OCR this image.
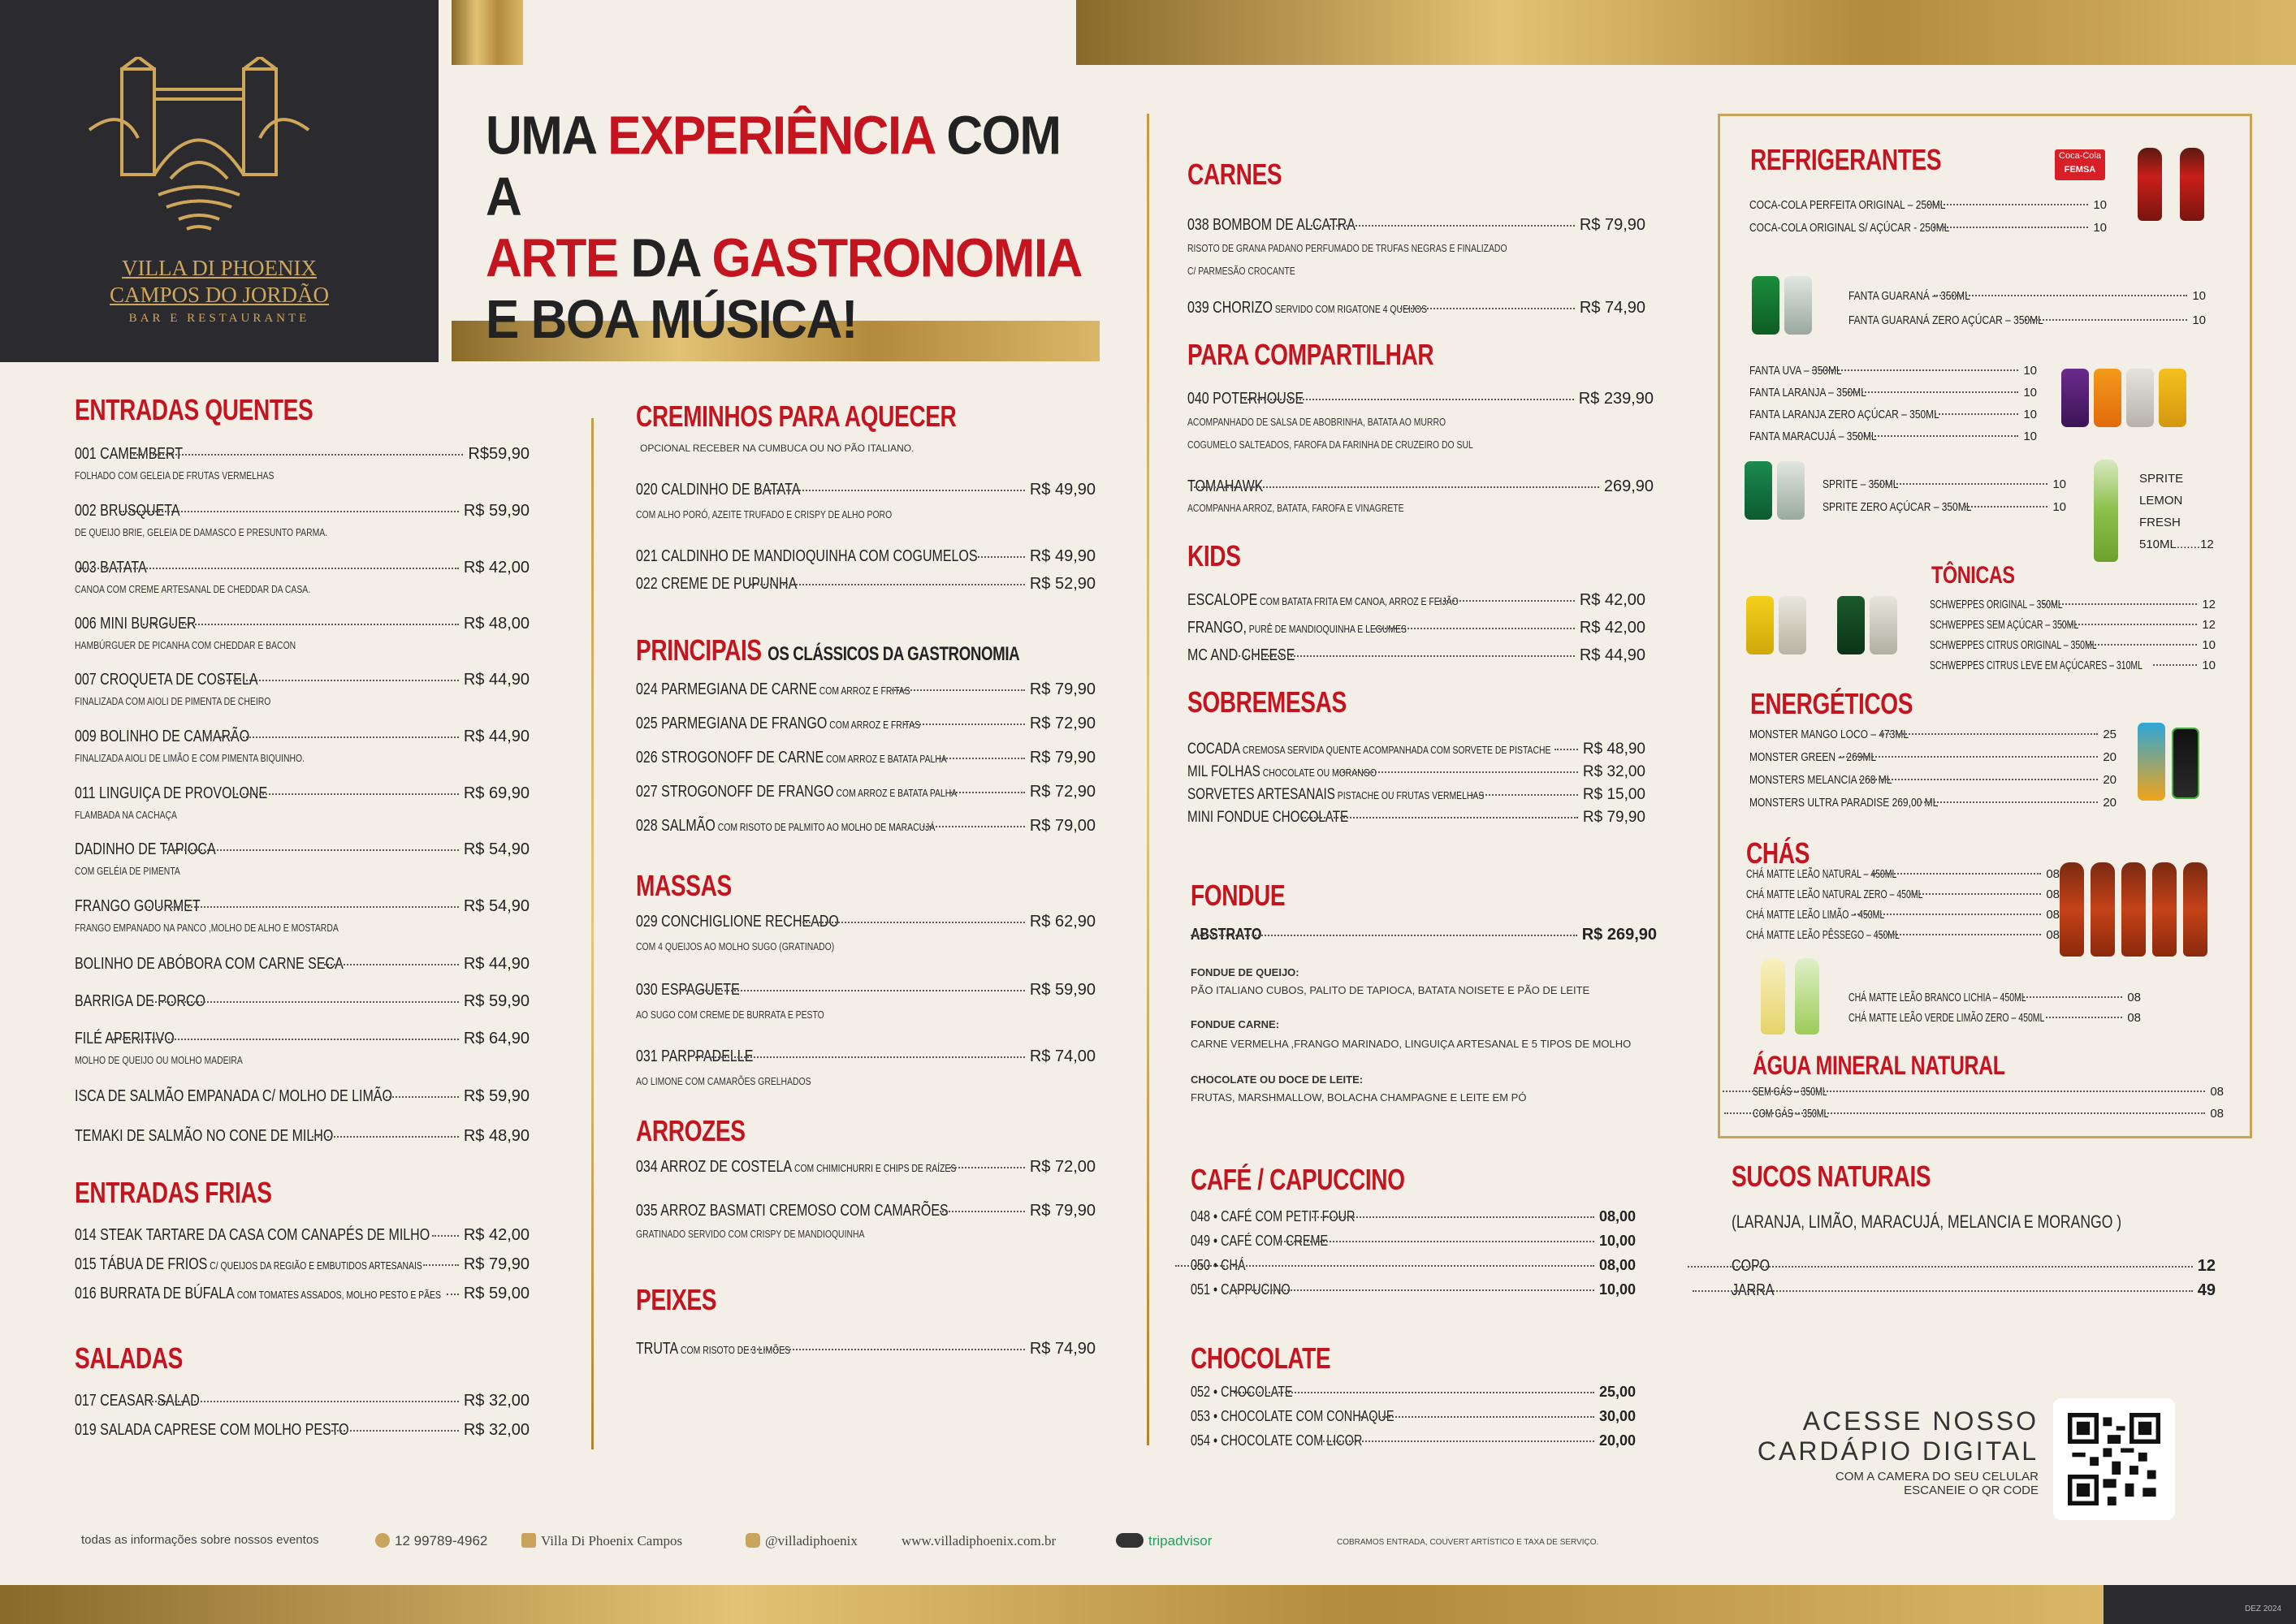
VILLA DI PHOENIX
CAMPOS DO JORDÃO
BAR E RESTAURANTE
UMA EXPERIÊNCIA COM A
ARTE DA GASTRONOMIA
E BOA MÚSICA!
ENTRADAS QUENTES
ENTRADAS FRIAS
SALADAS
CREMINHOS PARA AQUECER
OPCIONAL RECEBER NA CUMBUCA OU NO PÃO ITALIANO.
PRINCIPAIS OS CLÁSSICOS DA GASTRONOMIA
MASSAS
ARROZES
PEIXES
CARNES
PARA COMPARTILHAR
KIDS
SOBREMESAS
FONDUE
CAFÉ / CAPUCCINO
CHOCOLATE
FONDUE DE QUEIJO:
PÃO ITALIANO CUBOS, PALITO DE TAPIOCA, BATATA NOISETE E PÃO DE LEITE
FONDUE CARNE:
CARNE VERMELHA ,FRANGO MARINADO, LINGUIÇA ARTESANAL E 5 TIPOS DE MOLHO
CHOCOLATE OU DOCE DE LEITE:
FRUTAS, MARSHMALLOW, BOLACHA CHAMPAGNE E LEITE EM PÓ
REFRIGERANTES	Coca-Cola
FEMSA
SPRITE
LEMON
FRESH
510ML.......12
TÔNICAS
ENERGÉTICOS
CHÁS
ÁGUA MINERAL NATURAL
SUCOS NATURAIS
(LARANJA, LIMÃO, MARACUJÁ, MELANCIA E MORANGO )
ACESSE NOSSO
CARDÁPIO DIGITAL
COM A CAMERA DO SEU CELULAR
ESCANEIE O QR CODE
todas as informações sobre nossos eventos	12 99789-4962	Villa Di Phoenix Campos	@villadiphoenix	www.villadiphoenix.com.br	tripadvisor	COBRAMOS ENTRADA, COUVERT ARTÍSTICO E TAXA DE SERVIÇO.
DEZ 2024
001 CAMEMBERT	R$59,90
FOLHADO COM GELEIA DE FRUTAS VERMELHAS
002 BRUSQUETA	R$ 59,90
DE QUEIJO BRIE, GELEIA DE DAMASCO E PRESUNTO PARMA.
003 BATATA	R$ 42,00
CANOA COM CREME ARTESANAL DE CHEDDAR DA CASA.
006 MINI BURGUER	R$ 48,00
HAMBÚRGUER DE PICANHA COM CHEDDAR E BACON
007 CROQUETA DE COSTELA	R$ 44,90
FINALIZADA COM AIOLI DE PIMENTA DE CHEIRO
009 BOLINHO DE CAMARÃO	R$ 44,90
FINALIZADA AIOLI DE LIMÃO E COM PIMENTA BIQUINHO.
011 LINGUIÇA DE PROVOLONE	R$ 69,90
FLAMBADA NA CACHAÇA
DADINHO DE TAPIOCA	R$ 54,90
COM GELÉIA DE PIMENTA
FRANGO GOURMET	R$ 54,90
FRANGO EMPANADO NA PANCO ,MOLHO DE ALHO E MOSTARDA
BOLINHO DE ABÓBORA COM CARNE SECA	R$ 44,90
BARRIGA DE PORCO	R$ 59,90
FILÉ APERITIVO	R$ 64,90
MOLHO DE QUEIJO OU MOLHO MADEIRA
ISCA DE SALMÃO EMPANADA C/ MOLHO DE LIMÃO	R$ 59,90
TEMAKI DE SALMÃO NO CONE DE MILHO	R$ 48,90
014 STEAK TARTARE DA CASA COM CANAPÉS DE MILHO R$ 42,00
015 TÁBUA DE FRIOS C/ QUEIJOS DA REGIÃO E EMBUTIDOS ARTESANAIS	R$ 79,90
016 BURRATA DE BÚFALA COM TOMATES ASSADOS, MOLHO PESTO E PÃES R$ 59,00
017 CEASAR SALAD	R$ 32,00
019 SALADA CAPRESE COM MOLHO PESTO	R$ 32,00
020 CALDINHO DE BATATA	R$ 49,90
COM ALHO PORÓ, AZEITE TRUFADO E CRISPY DE ALHO PORO
021 CALDINHO DE MANDIOQUINHA COM COGUMELOS	R$ 49,90
022 CREME DE PUPUNHA	R$ 52,90
024 PARMEGIANA DE CARNE COM ARROZ E FRITAS	R$ 79,90
025 PARMEGIANA DE FRANGO COM ARROZ E FRITAS	R$ 72,90
026 STROGONOFF DE CARNE COM ARROZ E BATATA PALHA	R$ 79,90
027 STROGONOFF DE FRANGO COM ARROZ E BATATA PALHA	R$ 72,90
028 SALMÃO COM RISOTO DE PALMITO AO MOLHO DE MARACUJÁ	R$ 79,00
029 CONCHIGLIONE RECHEADO	R$ 62,90
COM 4 QUEIJOS AO MOLHO SUGO (GRATINADO)
030 ESPAGUETE	R$ 59,90
AO SUGO COM CREME DE BURRATA E PESTO
031 PARPPADELLE	R$ 74,00
AO LIMONE COM CAMARÕES GRELHADOS
034 ARROZ DE COSTELA COM CHIMICHURRI E CHIPS DE RAÍZES	R$ 72,00
035 ARROZ BASMATI CREMOSO COM CAMARÕES	R$ 79,90
GRATINADO SERVIDO COM CRISPY DE MANDIOQUINHA
TRUTA COM RISOTO DE 3 LIMÕES	R$ 74,90
038 BOMBOM DE ALCATRA	R$ 79,90
RISOTO DE GRANA PADANO PERFUMADO DE TRUFAS NEGRAS E FINALIZADO
C/ PARMESÃO CROCANTE
039 CHORIZO SERVIDO COM RIGATONE 4 QUEIJOS	R$ 74,90
040 POTERHOUSE	R$ 239,90
ACOMPANHADO DE SALSA DE ABOBRINHA, BATATA AO MURRO
COGUMELO SALTEADOS, FAROFA DA FARINHA DE CRUZEIRO DO SUL
TOMAHAWK	269,90
ACOMPANHA ARROZ, BATATA, FAROFA E VINAGRETE
ESCALOPE COM BATATA FRITA EM CANOA, ARROZ E FEIJÃO	R$ 42,00
FRANGO, PURÊ DE MANDIOQUINHA E LEGUMES	R$ 42,00
MC AND CHEESE	R$ 44,90
COCADA CREMOSA SERVIDA QUENTE ACOMPANHADA COM SORVETE DE PISTACHE R$ 48,90
MIL FOLHAS CHOCOLATE OU MORANGO	R$ 32,00
SORVETES ARTESANAIS PISTACHE OU FRUTAS VERMELHAS	R$ 15,00
MINI FONDUE CHOCOLATE	R$ 79,90
ABSTRATO	R$ 269,90
048 • CAFÉ COM PETIT FOUR	08,00
049 • CAFÉ COM CREME	10,00
050 • CHÁ	08,00
051 • CAPPUCINO	10,00
052 • CHOCOLATE	25,00
053 • CHOCOLATE COM CONHAQUE	30,00
054 • CHOCOLATE COM LICOR	20,00
COCA-COLA PERFEITA ORIGINAL – 250ML	10
COCA-COLA ORIGINAL S/ AÇÚCAR - 250ML	10
FANTA GUARANÁ – 350ML	10
FANTA GUARANÁ ZERO AÇÚCAR – 350ML	10
FANTA UVA – 350ML	10
FANTA LARANJA – 350ML	10
FANTA LARANJA ZERO AÇÚCAR – 350ML	10
FANTA MARACUJÁ – 350ML	10
SPRITE – 350ML	10
SPRITE ZERO AÇÚCAR – 350ML	10
SCHWEPPES ORIGINAL – 350ML	12
SCHWEPPES SEM AÇÚCAR – 350ML	12
SCHWEPPES CITRUS ORIGINAL – 350ML	10
SCHWEPPES CITRUS LEVE EM AÇÚCARES – 310ML	10
MONSTER MANGO LOCO – 473ML	25
MONSTER GREEN – 269ML	20
MONSTERS MELANCIA 268 ML	20
MONSTERS ULTRA PARADISE 269,00 ML	20
CHÁ MATTE LEÃO NATURAL – 450ML	08
CHÁ MATTE LEÃO NATURAL ZERO – 450ML	08
CHÁ MATTE LEÃO LIMÃO – 450ML	08
CHÁ MATTE LEÃO PÊSSEGO – 450ML	08
CHÁ MATTE LEÃO BRANCO LICHIA – 450ML	08
CHÁ MATTE LEÃO VERDE LIMÃO ZERO – 450ML	08
SEM GÁS – 350ML	08
COM GÁS – 350ML	08
COPO	12
JARRA	49
